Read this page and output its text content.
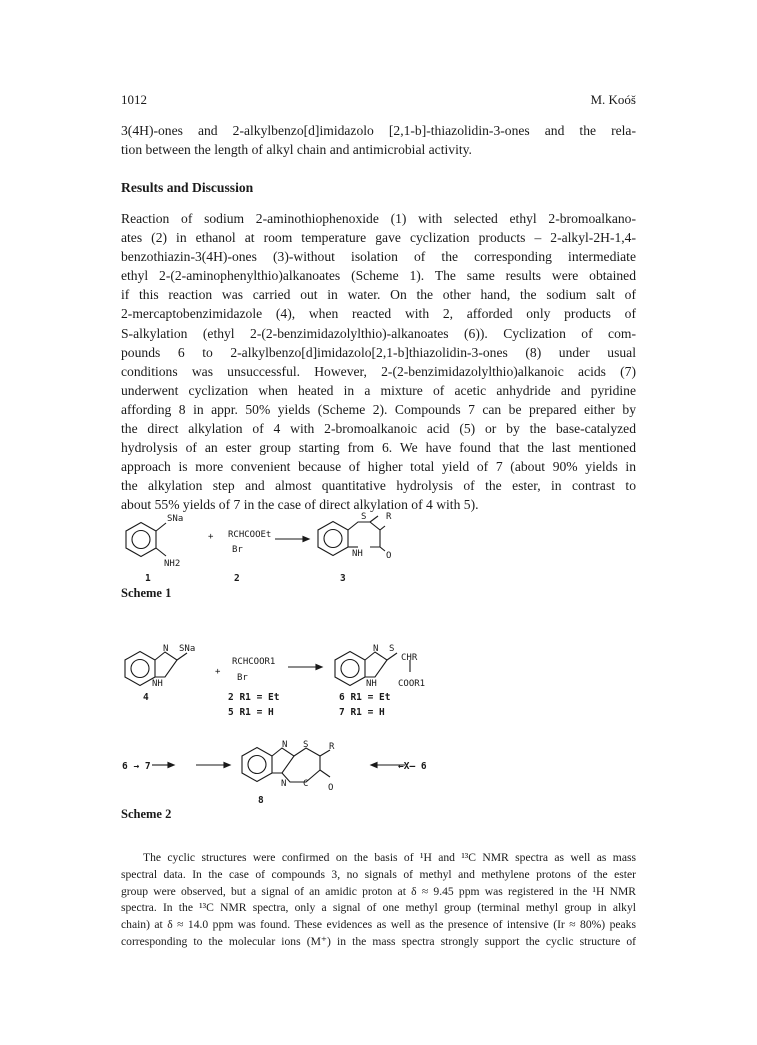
1012	M. Koóš
3(4H)-ones and 2-alkylbenzo[d]imidazolo [2,1-b]-thiazolidin-3-ones and the rela-
tion between the length of alkyl chain and antimicrobial activity.
Results and Discussion
Reaction of sodium 2-aminothiophenoxide (1) with selected ethyl 2-bromoalkano-
ates (2) in ethanol at room temperature gave cyclization products – 2-alkyl-2H-1,4-
benzothiazin-3(4H)-ones (3)-without isolation of the corresponding intermediate
ethyl 2-(2-aminophenylthio)alkanoates (Scheme 1). The same results were obtained
if this reaction was carried out in water. On the other hand, the sodium salt of
2-mercaptobenzimidazole (4), when reacted with 2, afforded only products of
S-alkylation (ethyl 2-(2-benzimidazolylthio)-alkanoates (6)). Cyclization of com-
pounds 6 to 2-alkylbenzo[d]imidazolo[2,1-b]thiazolidin-3-ones (8) under usual
conditions was unsuccessful. However, 2-(2-benzimidazolylthio)alkanoic acids (7)
underwent cyclization when heated in a mixture of acetic anhydride and pyridine
affording 8 in appr. 50% yields (Scheme 2). Compounds 7 can be prepared either by
the direct alkylation of 4 with 2-bromoalkanoic acid (5) or by the base-catalyzed
hydrolysis of an ester group starting from 6. We have found that the last mentioned
approach is more convenient because of higher total yield of 7 (about 90% yields in
the alkylation step and almost quantitative hydrolysis of the ester, in contrast to
about 55% yields of 7 in the case of direct alkylation of 4 with 5).
SNa
NH2
+ RCHCOOEt
Br
S R
NH	O
1	2	3
N SNa
NH
+
RCHCOOR1
Br
N S
CHR
NH COOR1
4	2 R1 = Et
5 R1 = H
6 R1 = Et
7 R1 = H
6 → 7
N S R
N C O
8
←X— 6
Scheme 1
Scheme 2
The cyclic structures were confirmed on the basis of ¹H and ¹³C NMR spectra as well as mass
spectral data. In the case of compounds 3, no signals of methyl and methylene protons of the ester
group were observed, but a signal of an amidic proton at δ ≈ 9.45 ppm was registered in the ¹H NMR
spectra. In the ¹³C NMR spectra, only a signal of one methyl group (terminal methyl group in alkyl
chain) at δ ≈ 14.0 ppm was found. These evidences as well as the presence of intensive (Ir ≈ 80%) peaks
corresponding to the molecular ions (M⁺) in the mass spectra strongly support the cyclic structure of
